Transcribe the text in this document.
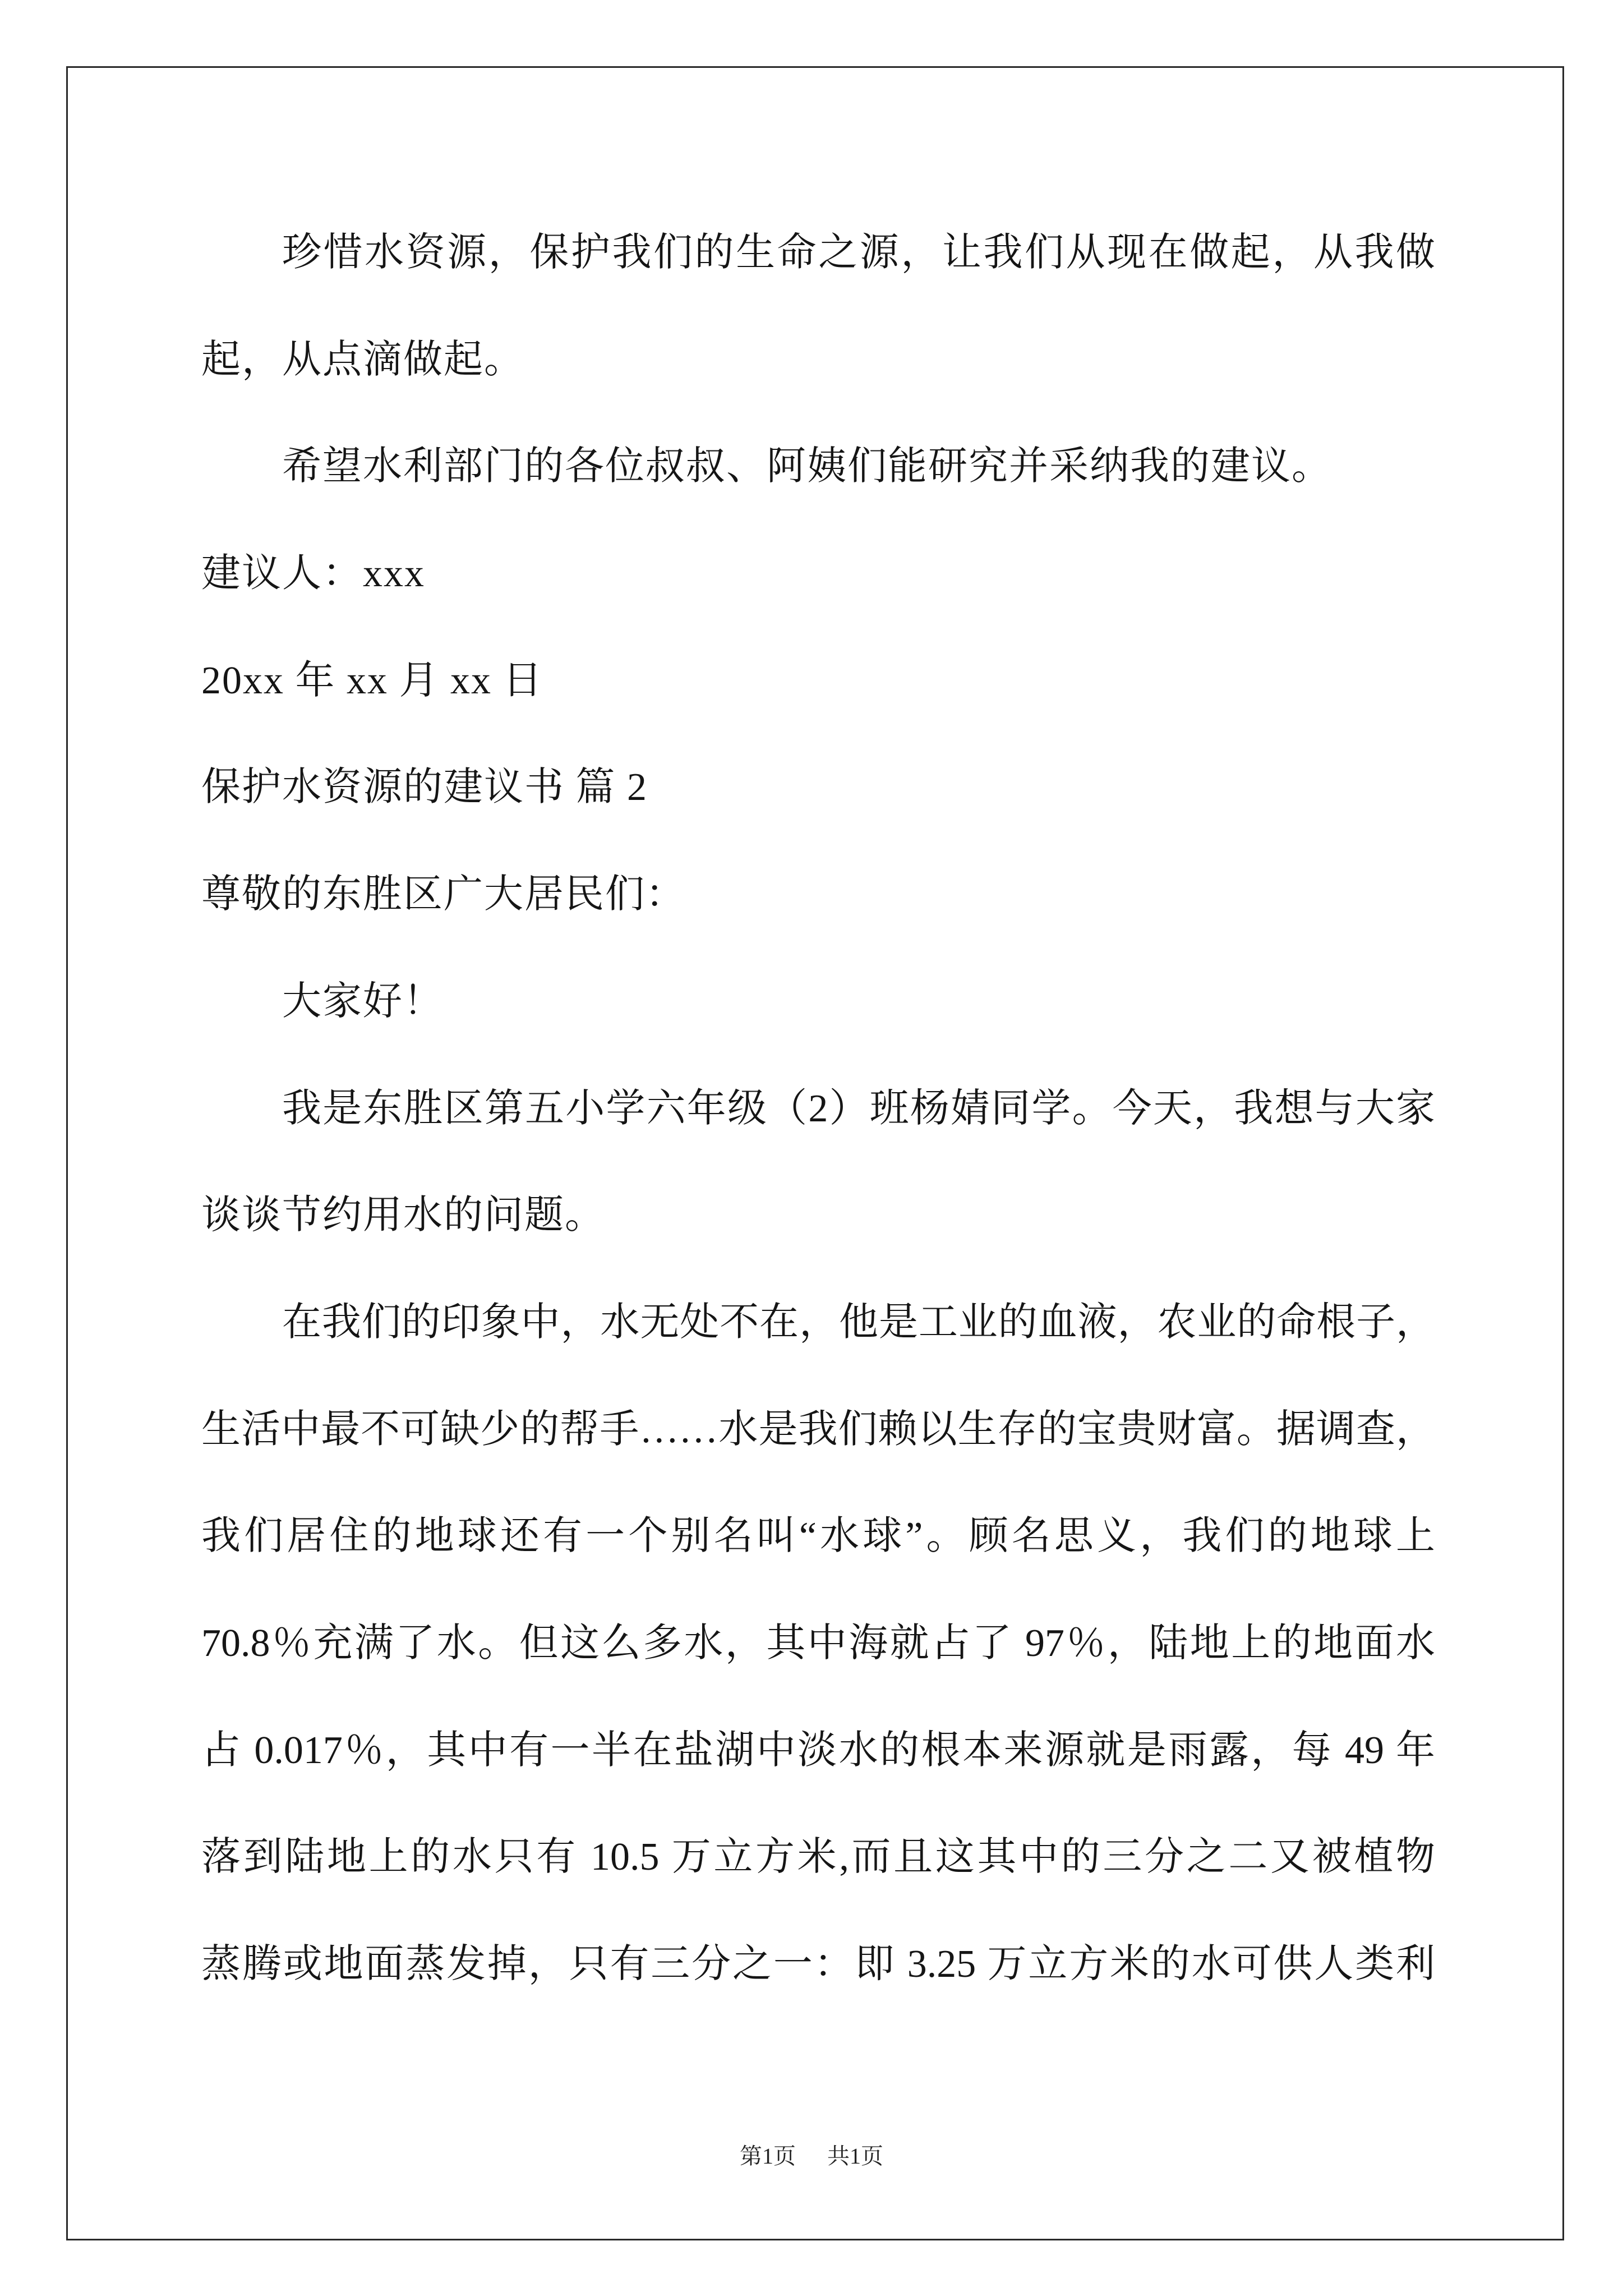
珍惜水资源，保护我们的生命之源，让我们从现在做起，从我做
起，从点滴做起。
希望水利部门的各位叔叔、阿姨们能研究并采纳我的建议。
建议人：xxx
20xx 年 xx 月 xx 日
保护水资源的建议书 篇 2
尊敬的东胜区广大居民们：
大家好！
我是东胜区第五小学六年级（2）班杨婧同学。今天，我想与大家
谈谈节约用水的问题。
在我们的印象中，水无处不在，他是工业的血液，农业的命根子，
生活中最不可缺少的帮手……水是我们赖以生存的宝贵财富。据调查，
我们居住的地球还有一个别名叫“水球”。顾名思义，我们的地球上
70.8％充满了水。但这么多水，其中海就占了 97％，陆地上的地面水
占 0.017％，其中有一半在盐湖中淡水的根本来源就是雨露，每 49 年
落到陆地上的水只有 10.5 万立方米,而且这其中的三分之二又被植物
蒸腾或地面蒸发掉，只有三分之一：即 3.25 万立方米的水可供人类利
第1页 共1页
